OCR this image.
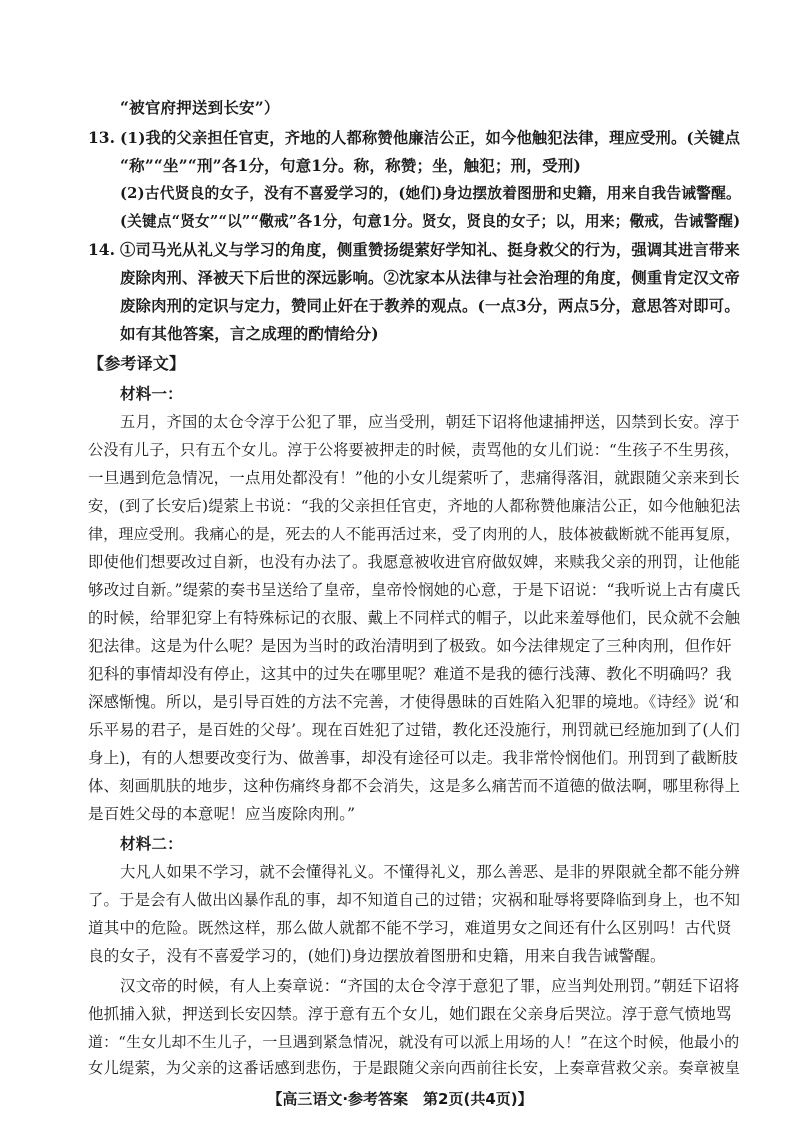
“被官府押送到长安”）
13. (1)我的父亲担任官吏，齐地的人都称赞他廉洁公正，如今他触犯法律，理应受刑。(关键点
“称”“坐”“刑”各1分，句意1分。称，称赞；坐，触犯；刑，受刑)
(2)古代贤良的女子，没有不喜爱学习的，(她们)身边摆放着图册和史籍，用来自我告诫警醒。
(关键点“贤女”“以”“儆戒”各1分，句意1分。贤女，贤良的女子；以，用来；儆戒，告诫警醒)
14. ①司马光从礼义与学习的角度，侧重赞扬缇萦好学知礼、挺身救父的行为，强调其进言带来
废除肉刑、泽被天下后世的深远影响。②沈家本从法律与社会治理的角度，侧重肯定汉文帝
废除肉刑的定识与定力，赞同止奸在于教养的观点。(一点3分，两点5分，意思答对即可。
如有其他答案，言之成理的酌情给分)
【参考译文】
材料一：
五月，齐国的太仓令淳于公犯了罪，应当受刑，朝廷下诏将他逮捕押送，囚禁到长安。淳于
公没有儿子，只有五个女儿。淳于公将要被押走的时候，责骂他的女儿们说：“生孩子不生男孩，
一旦遇到危急情况，一点用处都没有！”他的小女儿缇萦听了，悲痛得落泪，就跟随父亲来到长
安，(到了长安后)缇萦上书说：“我的父亲担任官吏，齐地的人都称赞他廉洁公正，如今他触犯法
律，理应受刑。我痛心的是，死去的人不能再活过来，受了肉刑的人，肢体被截断就不能再复原，
即使他们想要改过自新，也没有办法了。我愿意被收进官府做奴婢，来赎我父亲的刑罚，让他能
够改过自新。”缇萦的奏书呈送给了皇帝，皇帝怜悯她的心意，于是下诏说：“我听说上古有虞氏
的时候，给罪犯穿上有特殊标记的衣服、戴上不同样式的帽子，以此来羞辱他们，民众就不会触
犯法律。这是为什么呢？是因为当时的政治清明到了极致。如今法律规定了三种肉刑，但作奸
犯科的事情却没有停止，这其中的过失在哪里呢？难道不是我的德行浅薄、教化不明确吗？我
深感惭愧。所以，是引导百姓的方法不完善，才使得愚昧的百姓陷入犯罪的境地。《诗经》说‘和
乐平易的君子，是百姓的父母’。现在百姓犯了过错，教化还没施行，刑罚就已经施加到了(人们
身上)，有的人想要改变行为、做善事，却没有途径可以走。我非常怜悯他们。刑罚到了截断肢
体、刻画肌肤的地步，这种伤痛终身都不会消失，这是多么痛苦而不道德的做法啊，哪里称得上
是百姓父母的本意呢！应当废除肉刑。”
材料二：
大凡人如果不学习，就不会懂得礼义。不懂得礼义，那么善恶、是非的界限就全都不能分辨
了。于是会有人做出凶暴作乱的事，却不知道自己的过错；灾祸和耻辱将要降临到身上，也不知
道其中的危险。既然这样，那么做人就都不能不学习，难道男女之间还有什么区别吗！古代贤
良的女子，没有不喜爱学习的，(她们)身边摆放着图册和史籍，用来自我告诫警醒。
汉文帝的时候，有人上奏章说：“齐国的太仓令淳于意犯了罪，应当判处刑罚。”朝廷下诏将
他抓捕入狱，押送到长安囚禁。淳于意有五个女儿，她们跟在父亲身后哭泣。淳于意气愤地骂
道：“生女儿却不生儿子，一旦遇到紧急情况，就没有可以派上用场的人！”在这个时候，他最小的
女儿缇萦，为父亲的这番话感到悲伤，于是跟随父亲向西前往长安，上奏章营救父亲。奏章被皇
【高三语文·参考答案　第2页(共4页)】
